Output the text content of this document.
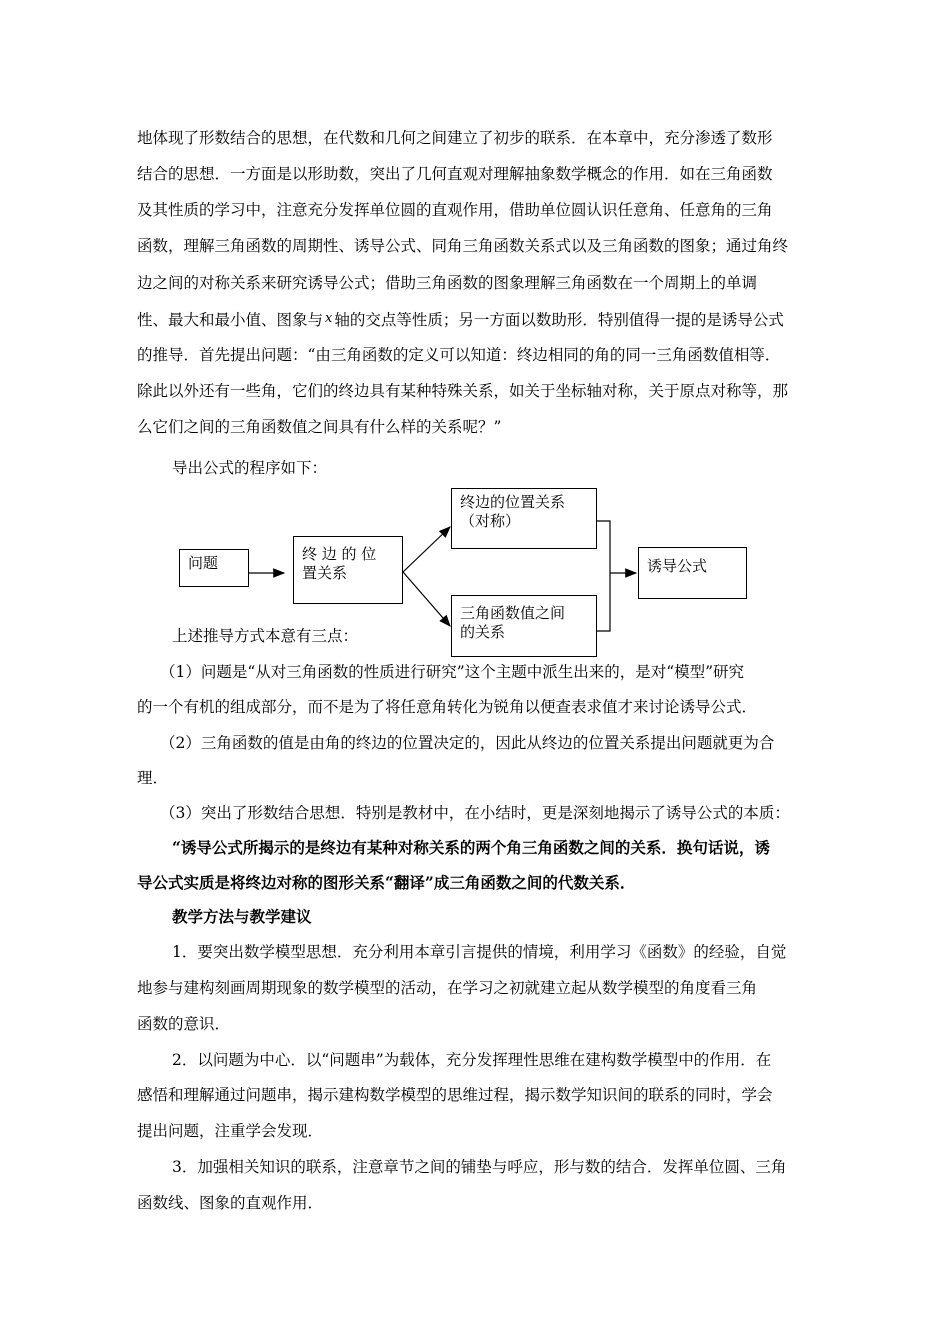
地体现了形数结合的思想，在代数和几何之间建立了初步的联系．在本章中，充分渗透了数形
结合的思想．一方面是以形助数，突出了几何直观对理解抽象数学概念的作用．如在三角函数
及其性质的学习中，注意充分发挥单位圆的直观作用，借助单位圆认识任意角、任意角的三角
函数，理解三角函数的周期性、诱导公式、同角三角函数关系式以及三角函数的图象；通过角终
边之间的对称关系来研究诱导公式；借助三角函数的图象理解三角函数在一个周期上的单调
性、最大和最小值、图象与 x 轴的交点等性质；另一方面以数助形．特别值得一提的是诱导公式
的推导．首先提出问题：“由三角函数的定义可以知道：终边相同的角的同一三角函数值相等．
除此以外还有一些角，它们的终边具有某种特殊关系，如关于坐标轴对称，关于原点对称等，那
么它们之间的三角函数值之间具有什么样的关系呢？”
导出公式的程序如下：
问题	终 边 的 位
置关系
终边的位置关系
（对称）
三角函数值之间
的关系
诱导公式
上述推导方式本意有三点：
（1）问题是“从对三角函数的性质进行研究”这个主题中派生出来的，是对“模型”研究
的一个有机的组成部分，而不是为了将任意角转化为锐角以便查表求值才来讨论诱导公式．
（2）三角函数的值是由角的终边的位置决定的，因此从终边的位置关系提出问题就更为合
理．
（3）突出了形数结合思想．特别是教材中，在小结时，更是深刻地揭示了诱导公式的本质：
“诱导公式所揭示的是终边有某种对称关系的两个角三角函数之间的关系．换句话说，诱
导公式实质是将终边对称的图形关系“翻译”成三角函数之间的代数关系．
教学方法与教学建议
1．要突出数学模型思想．充分利用本章引言提供的情境，利用学习《函数》的经验，自觉
地参与建构刻画周期现象的数学模型的活动，在学习之初就建立起从数学模型的角度看三角
函数的意识．
2．以问题为中心．以“问题串”为载体，充分发挥理性思维在建构数学模型中的作用．在
感悟和理解通过问题串，揭示建构数学模型的思维过程，揭示数学知识间的联系的同时，学会
提出问题，注重学会发现．
3．加强相关知识的联系，注意章节之间的铺垫与呼应，形与数的结合．发挥单位圆、三角
函数线、图象的直观作用．
